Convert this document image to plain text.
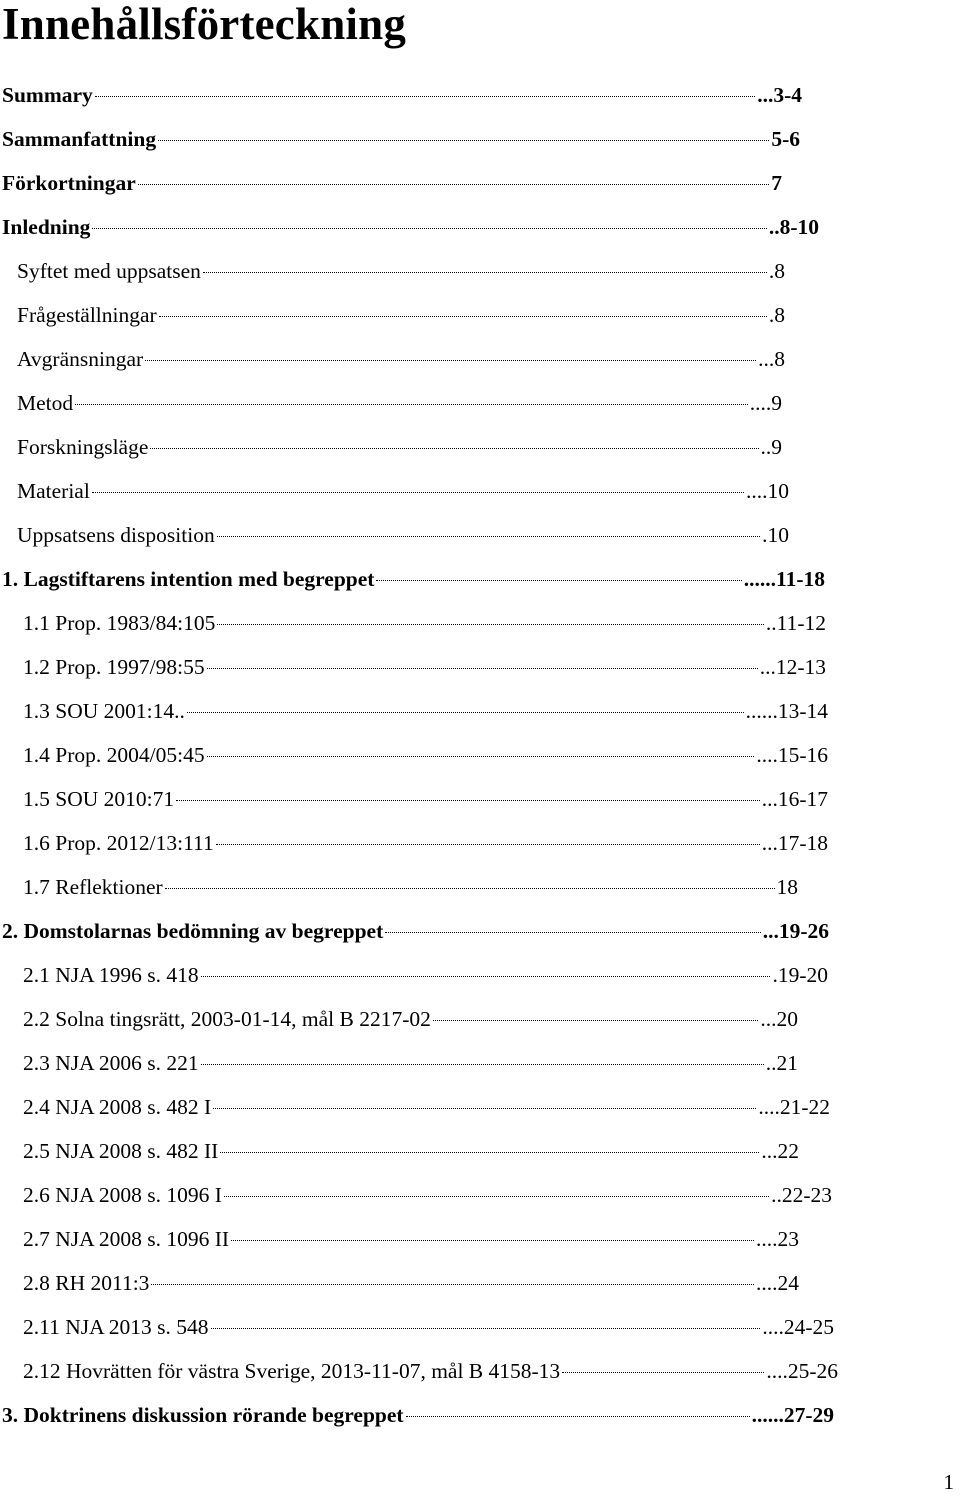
Innehållsförteckning
Summary	...3-4
Sammanfattning	5-6
Förkortningar	7
Inledning	..8-10
Syftet med uppsatsen	.8
Frågeställningar	.8
Avgränsningar	...8
Metod	....9
Forskningsläge	..9
Material	....10
Uppsatsens disposition	.10
1. Lagstiftarens intention med begreppet	......11-18
1.1 Prop. 1983/84:105	..11-12
1.2 Prop. 1997/98:55	...12-13
1.3 SOU 2001:14..	......13-14
1.4 Prop. 2004/05:45	....15-16
1.5 SOU 2010:71	...16-17
1.6 Prop. 2012/13:111	...17-18
1.7 Reflektioner	18
2. Domstolarnas bedömning av begreppet	...19-26
2.1 NJA 1996 s. 418	.19-20
2.2 Solna tingsrätt, 2003-01-14, mål B 2217-02	...20
2.3 NJA 2006 s. 221	..21
2.4 NJA 2008 s. 482 I	....21-22
2.5 NJA 2008 s. 482 II	...22
2.6 NJA 2008 s. 1096 I	..22-23
2.7 NJA 2008 s. 1096 II	....23
2.8 RH 2011:3	....24
2.11 NJA 2013 s. 548	....24-25
2.12 Hovrätten för västra Sverige, 2013-11-07, mål B 4158-13	....25-26
3. Doktrinens diskussion rörande begreppet	......27-29
1
